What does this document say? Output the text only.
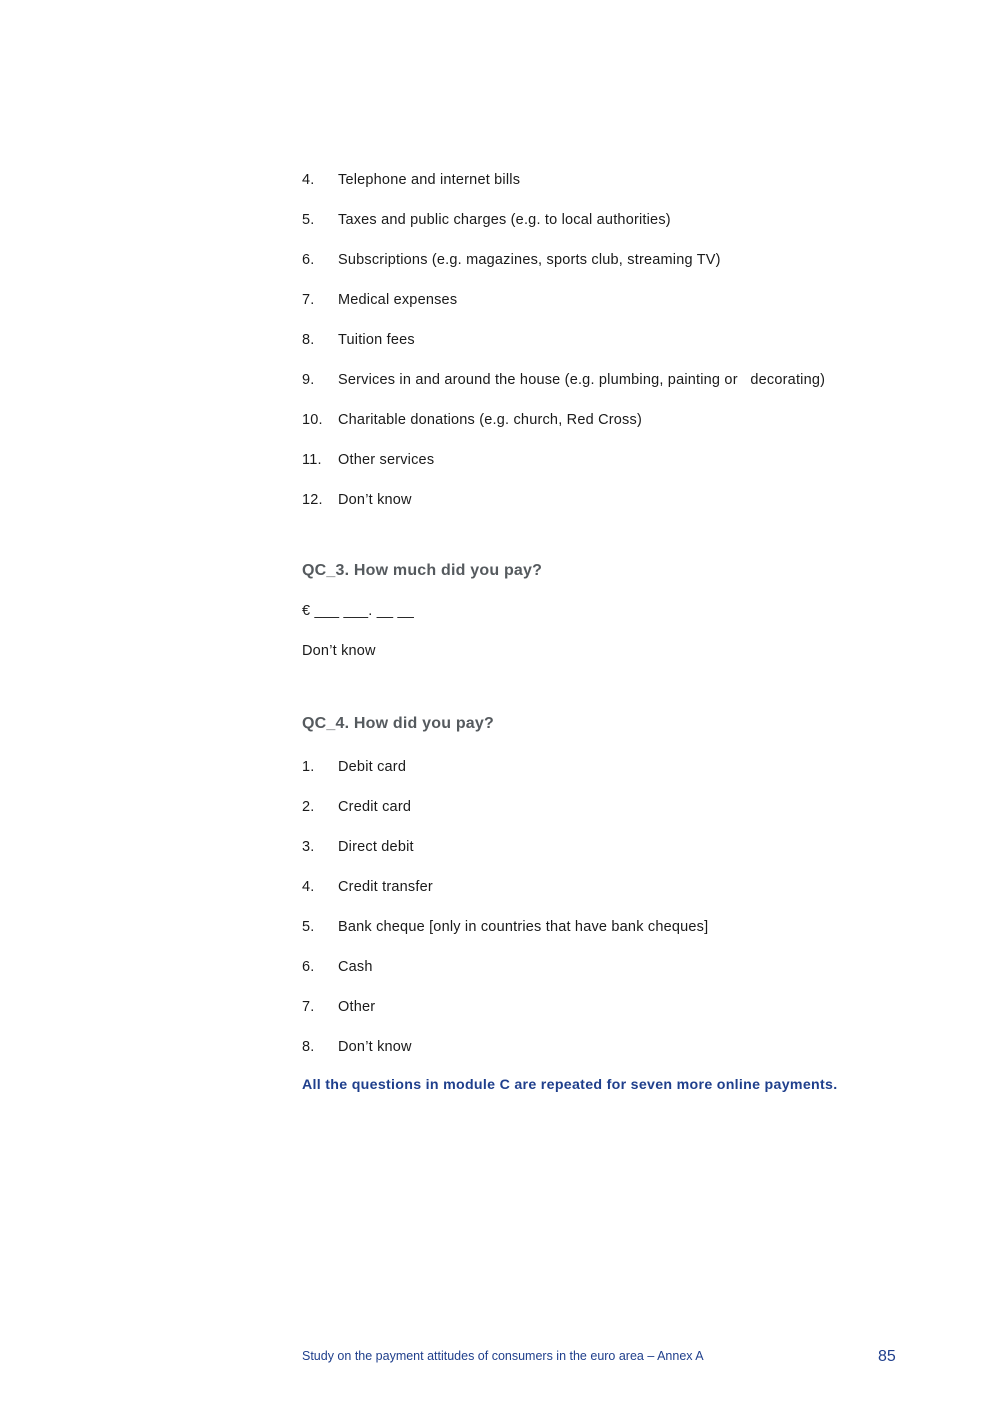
4.	Telephone and internet bills
5.	Taxes and public charges (e.g. to local authorities)
6.	Subscriptions (e.g. magazines, sports club, streaming TV)
7.	Medical expenses
8.	Tuition fees
9.	Services in and around the house (e.g. plumbing, painting or   decorating)
10.	Charitable donations (e.g. church, Red Cross)
11.	Other services
12.	Don’t know
QC_3. How much did you pay?

€ ___ ___. __ __

Don’t know

QC_4. How did you pay?
1.	Debit card
2.	Credit card
3.	Direct debit
4.	Credit transfer
5.	Bank cheque [only in countries that have bank cheques]
6.	Cash
7.	Other
8.	Don’t know

All the questions in module C are repeated for seven more online payments.

Study on the payment attitudes of consumers in the euro area – Annex A	85
